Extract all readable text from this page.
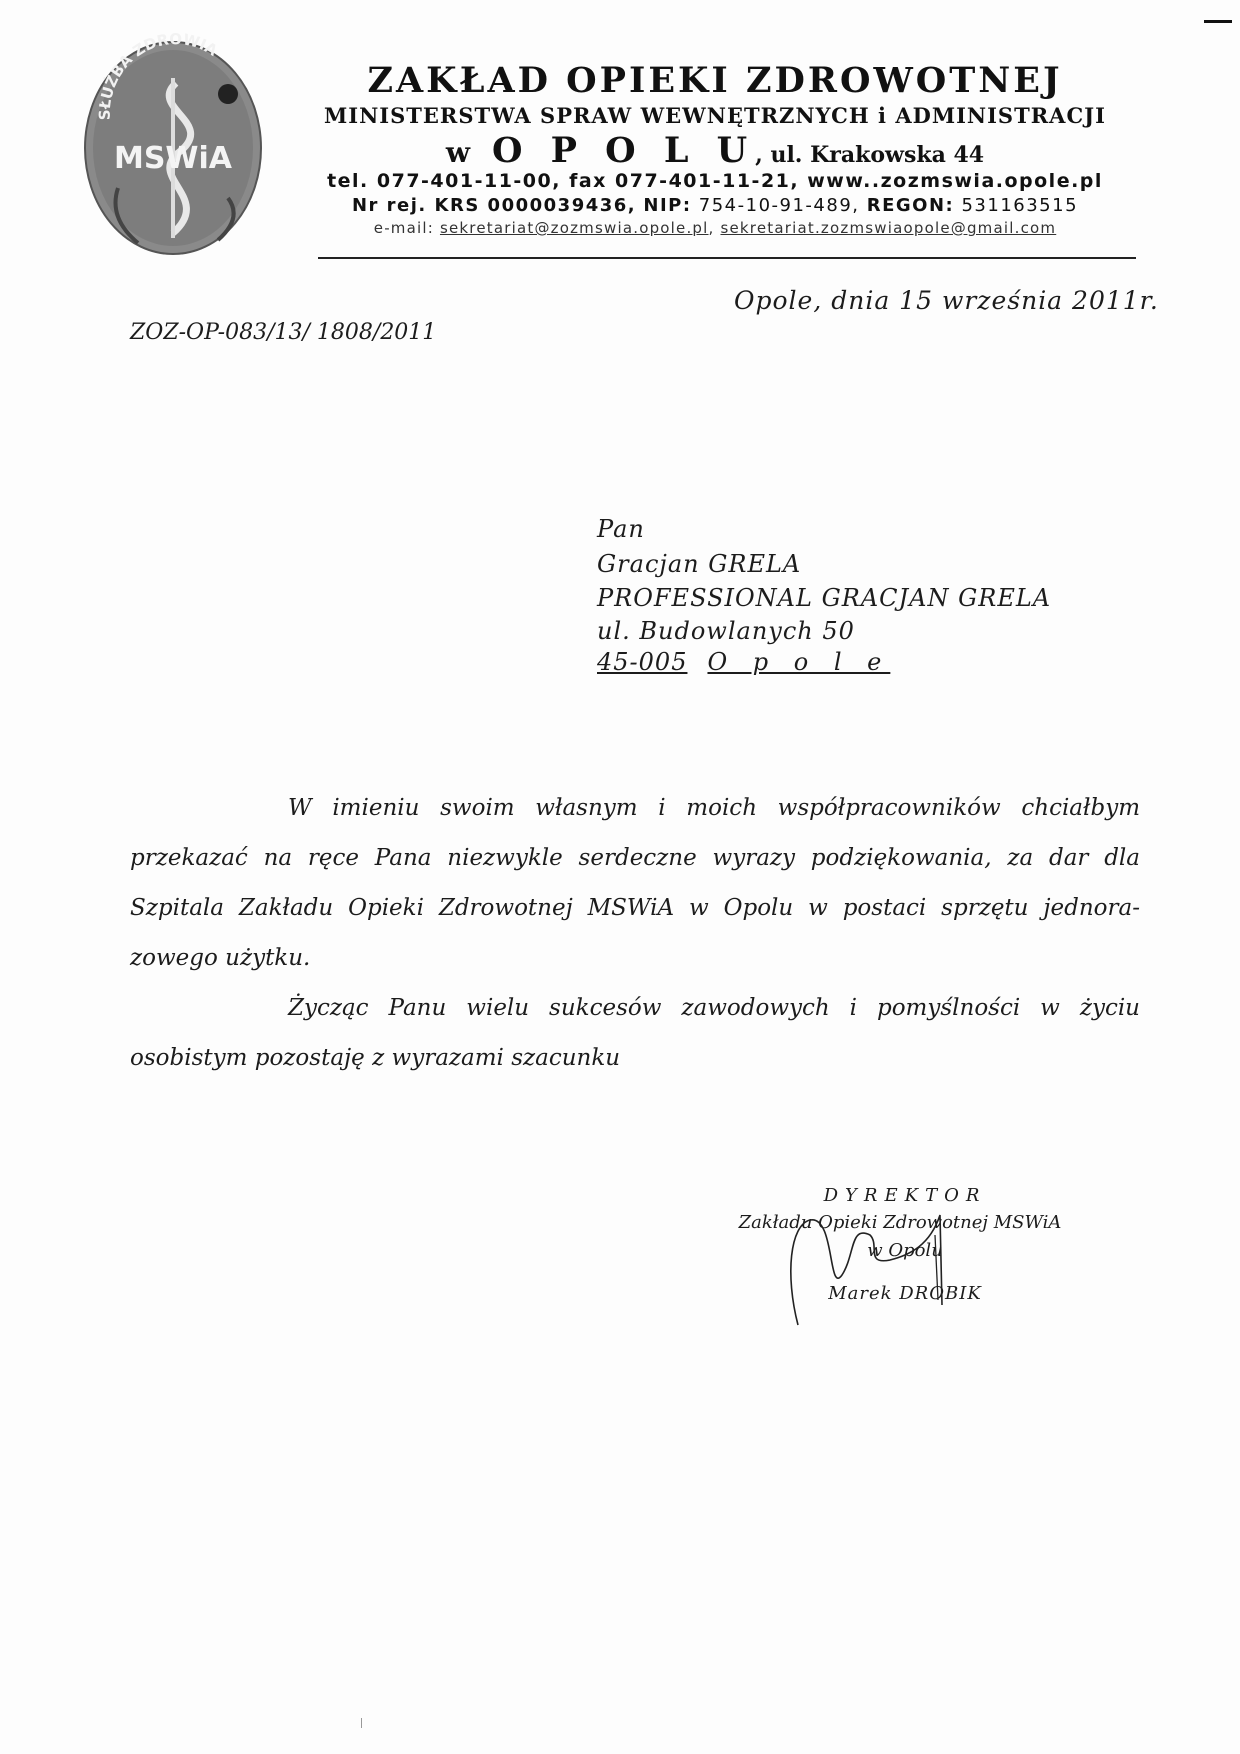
SŁUŻBA ZDROWIA
MSWiA
ZAKŁAD OPIEKI ZDROWOTNEJ
MINISTERSTWA SPRAW WEWNĘTRZNYCH i ADMINISTRACJI
w O P O L U, ul. Krakowska 44
tel. 077-401-11-00, fax 077-401-11-21, www..zozmswia.opole.pl
Nr rej. KRS 0000039436, NIP: 754-10-91-489, REGON: 531163515
e-mail: sekretariat@zozmswia.opole.pl, sekretariat.zozmswiaopole@gmail.com
Opole, dnia 15 września 2011r.
ZOZ-OP-083/13/ 1808/2011
Pan
Gracjan GRELA
PROFESSIONAL GRACJAN GRELA
ul. Budowlanych 50
45-005 O p o l e
W imieniu swoim własnym i moich współpracowników chciałbym
przekazać na ręce Pana niezwykle serdeczne wyrazy podziękowania, za dar dla
Szpitala Zakładu Opieki Zdrowotnej MSWiA w Opolu w postaci sprzętu jednora-
zowego użytku.
Życząc Panu wielu sukcesów zawodowych i pomyślności w życiu
osobistym pozostaję z wyrazami szacunku
DYREKTOR
Zakładu Opieki Zdrowotnej MSWiA
w Opolu
Marek DROBIK
